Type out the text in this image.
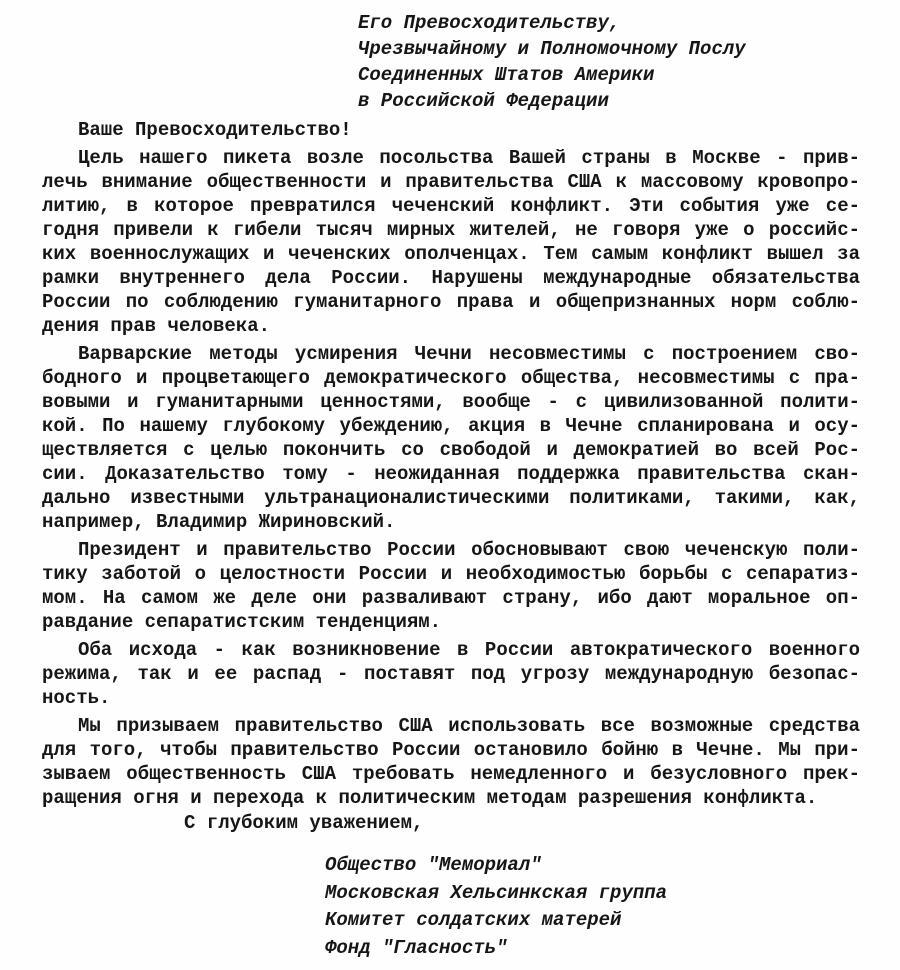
Его Превосходительству,
Чрезвычайному и Полномочному Послу
Соединенных Штатов Америки
в Российской Федерации
Ваше Превосходительство!
Цель нашего пикета возле посольства Вашей страны в Москве - прив-
лечь внимание общественности и правительства США к массовому кровопро-
литию, в которое превратился чеченский конфликт. Эти события уже се-
годня привели к гибели тысяч мирных жителей, не говоря уже о российс-
ких военнослужащих и чеченских ополченцах. Тем самым конфликт вышел за
рамки внутреннего дела России. Нарушены международные обязательства
России по соблюдению гуманитарного права и общепризнанных норм соблю-
дения прав человека.
Варварские методы усмирения Чечни несовместимы с построением сво-
бодного и процветающего демократического общества, несовместимы с пра-
вовыми и гуманитарными ценностями, вообще - с цивилизованной полити-
кой. По нашему глубокому убеждению, акция в Чечне спланирована и осу-
ществляется с целью покончить со свободой и демократией во всей Рос-
сии. Доказательство тому - неожиданная поддержка правительства скан-
дально известными ультранационалистическими политиками, такими, как,
например, Владимир Жириновский.
Президент и правительство России обосновывают свою чеченскую поли-
тику заботой о целостности России и необходимостью борьбы с сепаратиз-
мом. На самом же деле они разваливают страну, ибо дают моральное оп-
равдание сепаратистским тенденциям.
Оба исхода - как возникновение в России автократического военного
режима, так и ее распад - поставят под угрозу международную безопас-
ность.
Мы призываем правительство США использовать все возможные средства
для того, чтобы правительство России остановило бойню в Чечне. Мы при-
зываем общественность США требовать немедленного и безусловного прек-
ращения огня и перехода к политическим методам разрешения конфликта.
С глубоким уважением,
Общество "Мемориал"
Московская Хельсинкская группа
Комитет солдатских матерей
Фонд "Гласность"
